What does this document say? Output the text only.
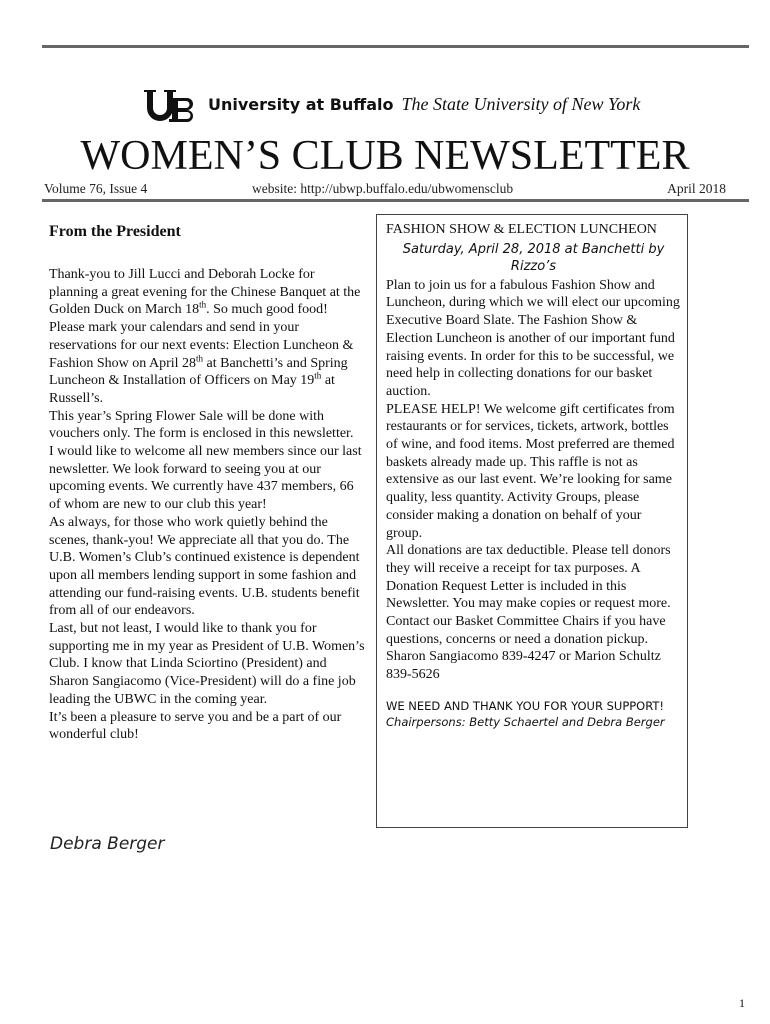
University at Buffalo The State University of New York
WOMEN’S CLUB NEWSLETTER
Volume 76, Issue 4	website: http://ubwp.buffalo.edu/ubwomensclub	April 2018
From the President

Thank-you to Jill Lucci and Deborah Locke for planning a great evening for the Chinese Banquet at the Golden Duck on March 18th. So much good food!

Please mark your calendars and send in your reservations for our next events: Election Luncheon & Fashion Show on April 28th at Banchetti’s and Spring Luncheon & Installation of Officers on May 19th at Russell’s.

This year’s Spring Flower Sale will be done with vouchers only. The form is enclosed in this newsletter.

I would like to welcome all new members since our last newsletter. We look forward to seeing you at our upcoming events. We currently have 437 members, 66 of whom are new to our club this year!

As always, for those who work quietly behind the scenes, thank-you! We appreciate all that you do. The U.B. Women’s Club’s continued existence is dependent upon all members lending support in some fashion and attending our fund-raising events. U.B. students benefit from all of our endeavors.

Last, but not least, I would like to thank you for supporting me in my year as President of U.B. Women’s Club. I know that Linda Sciortino (President) and Sharon Sangiacomo (Vice-President) will do a fine job leading the UBWC in the coming year.

It’s been a pleasure to serve you and be a part of our wonderful club!

Debra Berger

FASHION SHOW & ELECTION LUNCHEON

Saturday, April 28, 2018 at Banchetti by Rizzo’s

Plan to join us for a fabulous Fashion Show and Luncheon, during which we will elect our upcoming Executive Board Slate. The Fashion Show & Election Luncheon is another of our important fund raising events. In order for this to be successful, we need help in collecting donations for our basket auction.

PLEASE HELP! We welcome gift certificates from restaurants or for services, tickets, artwork, bottles of wine, and food items. Most preferred are themed baskets already made up. This raffle is not as extensive as our last event. We’re looking for same quality, less quantity. Activity Groups, please consider making a donation on behalf of your group.

All donations are tax deductible. Please tell donors they will receive a receipt for tax purposes. A Donation Request Letter is included in this Newsletter. You may make copies or request more. Contact our Basket Committee Chairs if you have questions, concerns or need a donation pickup.

Sharon Sangiacomo 839-4247 or Marion Schultz 839-5626

WE NEED AND THANK YOU FOR YOUR SUPPORT!

Chairpersons: Betty Schaertel and Debra Berger

1
